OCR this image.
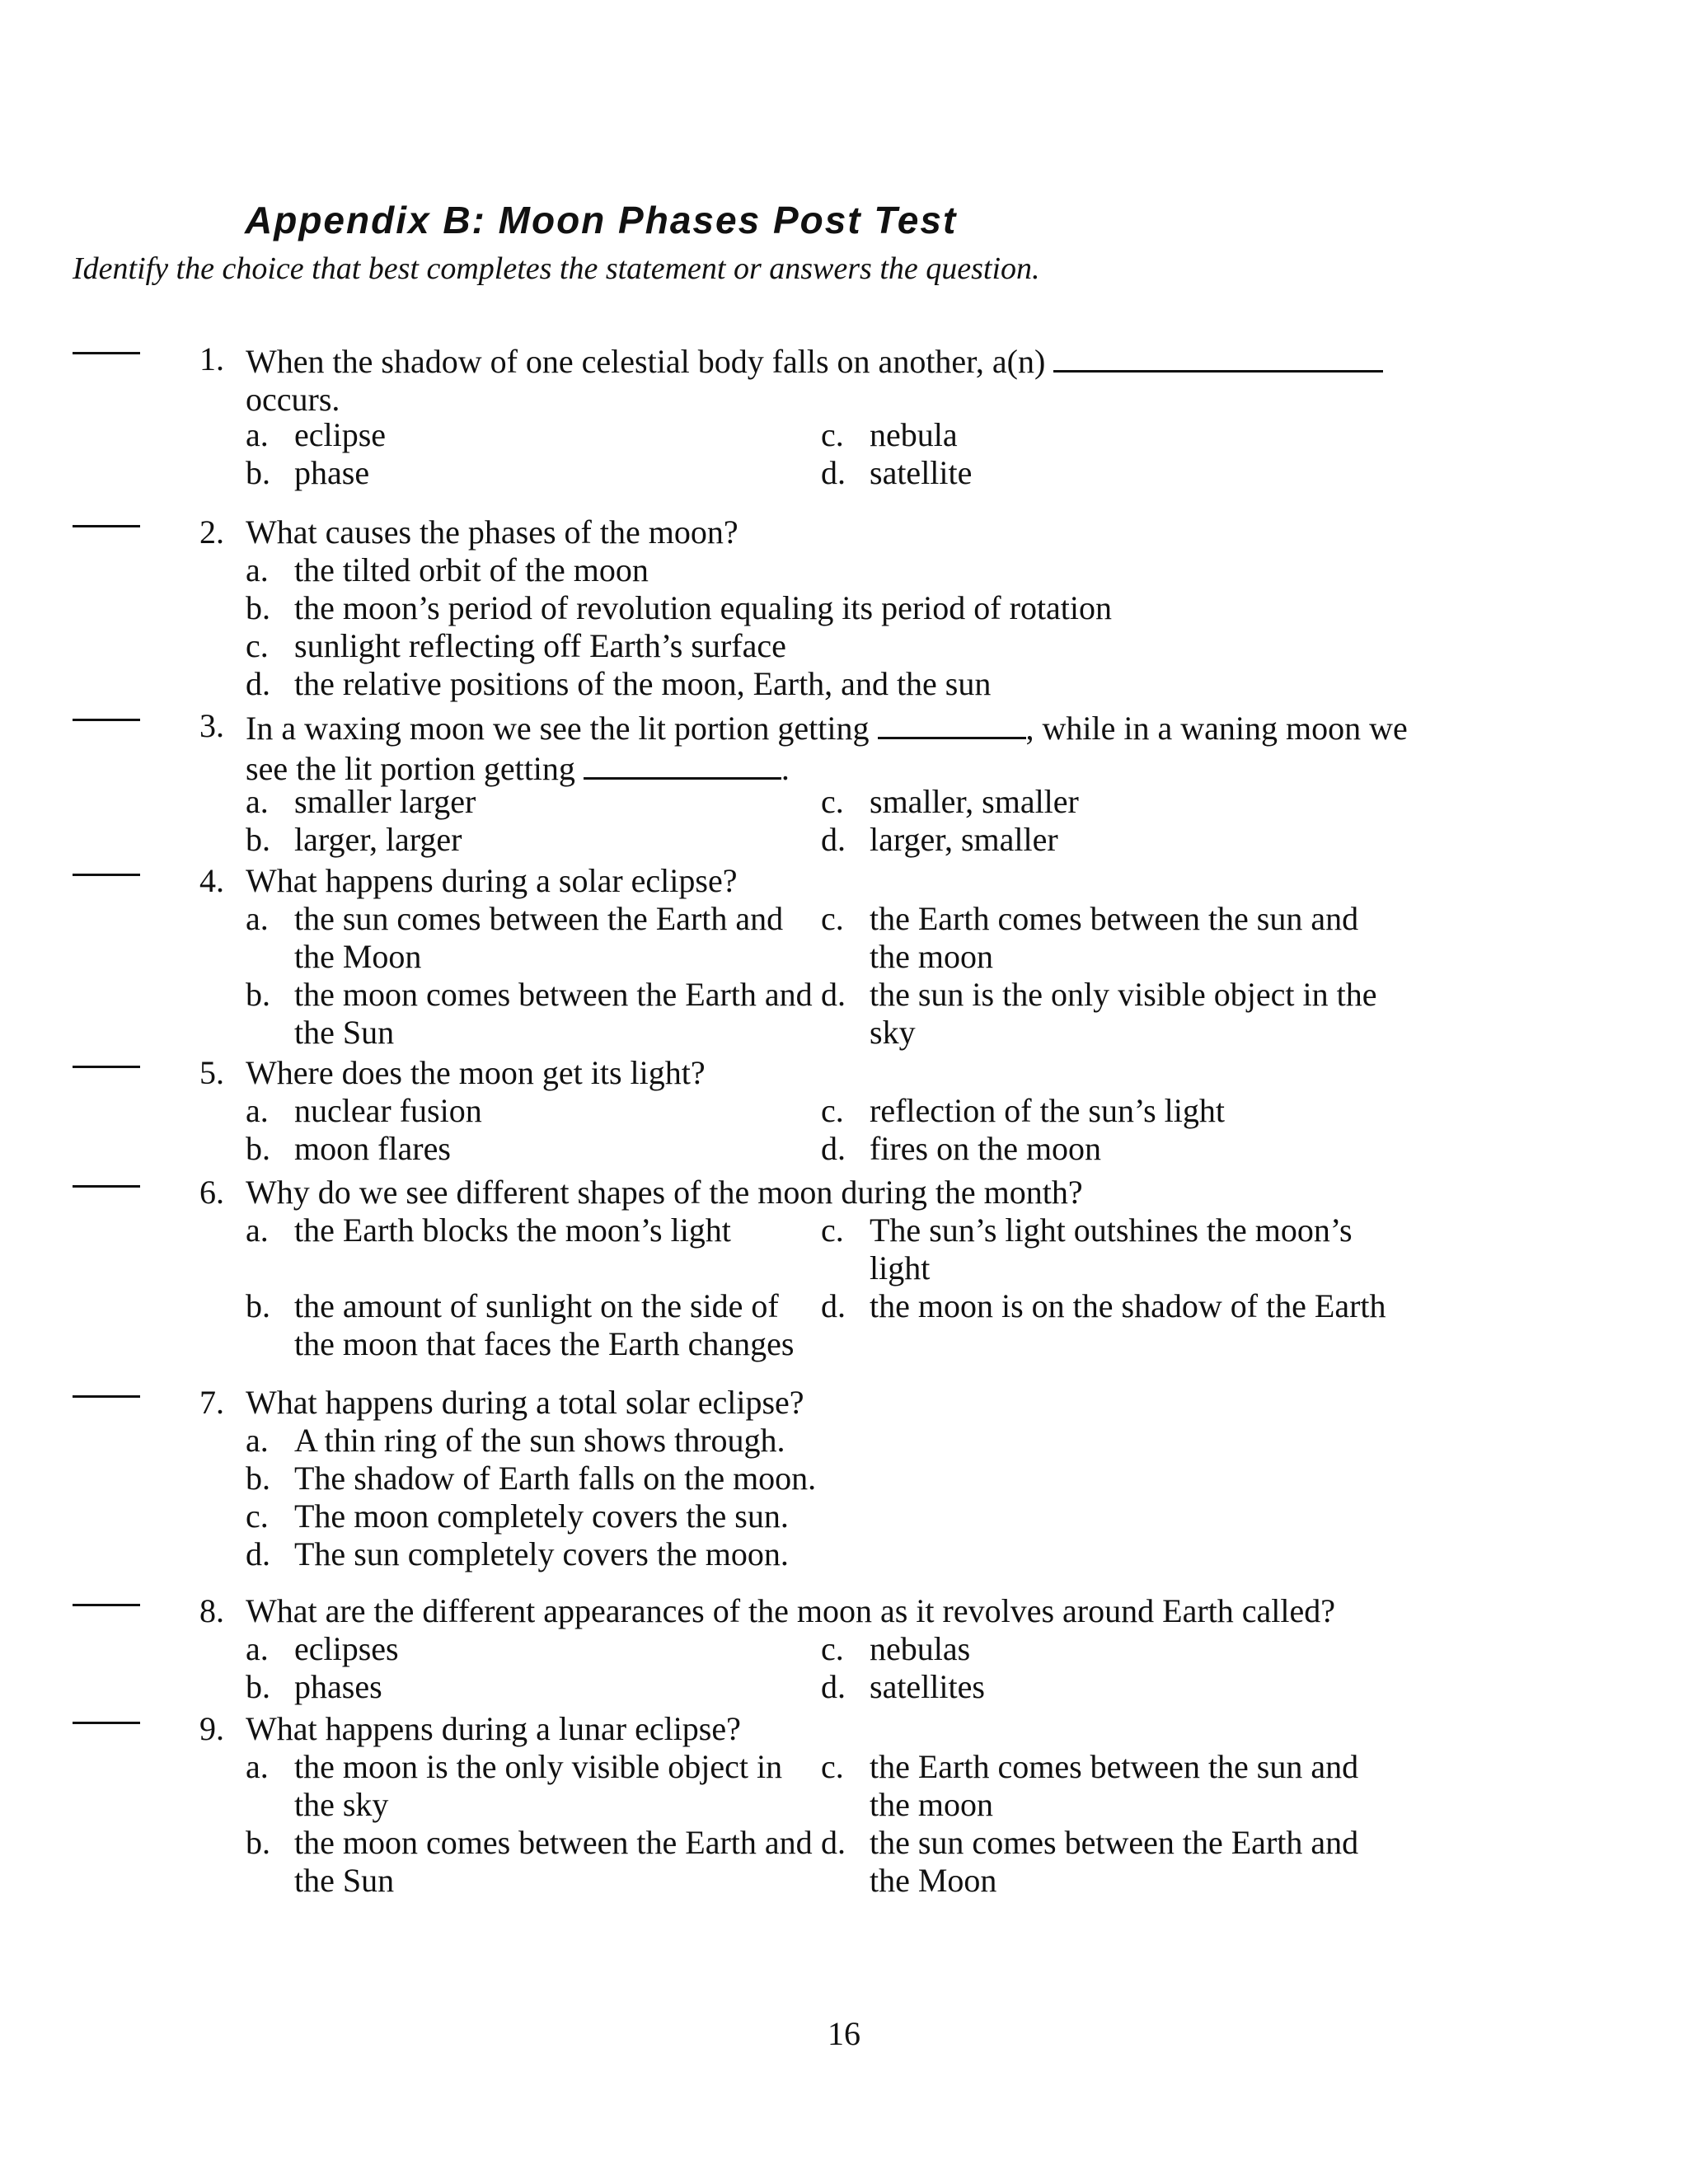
Appendix B: Moon Phases Post Test
Identify the choice that best completes the statement or answers the question.
1. When the shadow of one celestial body falls on another, a(n)
occurs.
a. eclipse
b. phase
c. nebula
d. satellite
2. What causes the phases of the moon?
a. the tilted orbit of the moon
b. the moon’s period of revolution equaling its period of rotation
c. sunlight reflecting off Earth’s surface
d. the relative positions of the moon, Earth, and the sun
3. In a waxing moon we see the lit portion getting	, while in a waning moon we
see the lit portion getting	.
a. smaller larger
b. larger, larger
c. smaller, smaller
d. larger, smaller
4. What happens during a solar eclipse?
a. the sun comes between the Earth and the Moon
b. the moon comes between the Earth and the Sun
c. the Earth comes between the sun and the moon
d. the sun is the only visible object in the sky
5. Where does the moon get its light?
a. nuclear fusion
b. moon flares
c. reflection of the sun’s light
d. fires on the moon
6. Why do we see different shapes of the moon during the month?
a. the Earth blocks the moon’s light
b. the amount of sunlight on the side of the moon that faces the Earth changes
c. The sun’s light outshines the moon’s light
d. the moon is on the shadow of the Earth
7. What happens during a total solar eclipse?
a. A thin ring of the sun shows through.
b. The shadow of Earth falls on the moon.
c. The moon completely covers the sun.
d. The sun completely covers the moon.
8. What are the different appearances of the moon as it revolves around Earth called?
a. eclipses
b. phases
c. nebulas
d. satellites
9. What happens during a lunar eclipse?
a. the moon is the only visible object in the sky
b. the moon comes between the Earth and the Sun
c. the Earth comes between the sun and the moon
d. the sun comes between the Earth and the Moon
16
